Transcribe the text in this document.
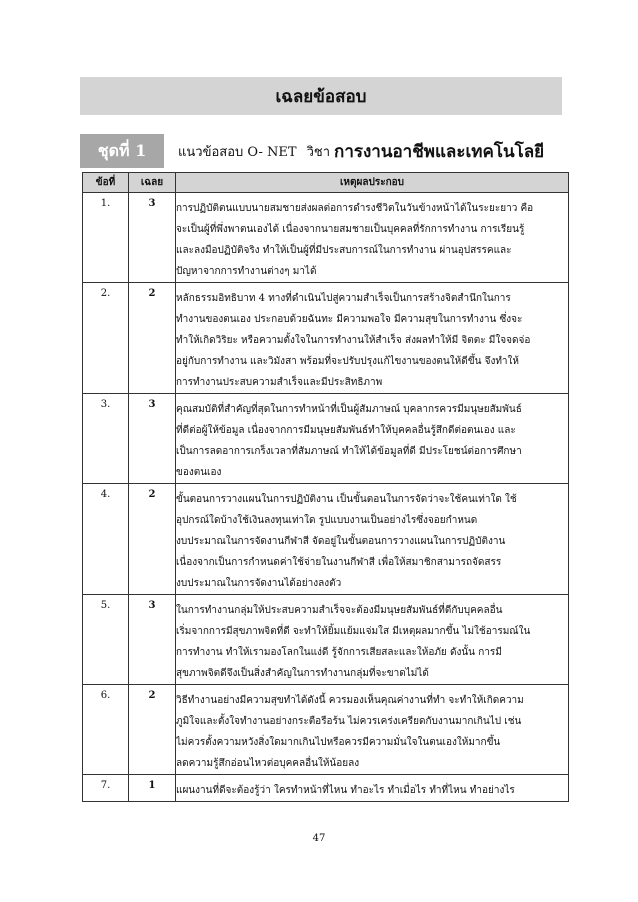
เฉลยข้อสอบ
ชุดที่ 1 แนวข้อสอบ O- NET วิชา การงานอาชีพและเทคโนโลยี
ข้อที่	เฉลย	เหตุผลประกอบ
1.	3	การปฏิบัติตนแบบนายสมชายส่งผลต่อการดำรงชีวิตในวันข้างหน้าได้ในระยะยาว คือ
จะเป็นผู้ที่พึ่งพาตนเองได้ เนื่องจากนายสมชายเป็นบุคคลที่รักการทำงาน การเรียนรู้
และลงมือปฏิบัติจริง ทำให้เป็นผู้ที่มีประสบการณ์ในการทำงาน ผ่านอุปสรรคและ
ปัญหาจากการทำงานต่างๆ มาได้

2.	2	หลักธรรมอิทธิบาท 4 ทางที่ดำเนินไปสู่ความสำเร็จเป็นการสร้างจิตสำนึกในการ
ทำงานของตนเอง ประกอบด้วยฉันทะ มีความพอใจ มีความสุขในการทำงาน ซึ่งจะ
ทำให้เกิดวิริยะ หรือความตั้งใจในการทำงานให้สำเร็จ ส่งผลทำให้มี จิตตะ มีใจจดจ่อ
อยู่กับการทำงาน และวิมังสา พร้อมที่จะปรับปรุงแก้ไขงานของตนให้ดีขึ้น จึงทำให้
การทำงานประสบความสำเร็จและมีประสิทธิภาพ

3.	3	คุณสมบัติที่สำคัญที่สุดในการทำหน้าที่เป็นผู้สัมภาษณ์ บุคลากรควรมีมนุษยสัมพันธ์
ที่ดีต่อผู้ให้ข้อมูล เนื่องจากการมีมนุษยสัมพันธ์ทำให้บุคคลอื่นรู้สึกดีต่อตนเอง และ
เป็นการลดอาการเกร็งเวลาที่สัมภาษณ์ ทำให้ได้ข้อมูลที่ดี มีประโยชน์ต่อการศึกษา
ของตนเอง

4.	2	ขั้นตอนการวางแผนในการปฏิบัติงาน เป็นขั้นตอนในการจัดว่าจะใช้คนเท่าใด ใช้
อุปกรณ์ใดบ้างใช้เงินลงทุนเท่าใด รูปแบบงานเป็นอย่างไรซึ่งจอยกำหนด
งบประมาณในการจัดงานกีฬาสี จัดอยู่ในขั้นตอนการวางแผนในการปฏิบัติงาน
เนื่องจากเป็นการกำหนดค่าใช้จ่ายในงานกีฬาสี เพื่อให้สมาชิกสามารถจัดสรร
งบประมาณในการจัดงานได้อย่างลงตัว

5.	3	ในการทำงานกลุ่มให้ประสบความสำเร็จจะต้องมีมนุษยสัมพันธ์ที่ดีกับบุคคลอื่น
เริ่มจากการมีสุขภาพจิตที่ดี จะทำให้ยิ้มแย้มแจ่มใส มีเหตุผลมากขึ้น ไม่ใช้อารมณ์ใน
การทำงาน ทำให้เรามองโลกในแง่ดี รู้จักการเสียสละและให้อภัย ดังนั้น การมี
สุขภาพจิตดีจึงเป็นสิ่งสำคัญในการทำงานกลุ่มที่จะขาดไม่ได้

6.	2	วิธีทำงานอย่างมีความสุขทำได้ดังนี้ ควรมองเห็นคุณค่างานที่ทำ จะทำให้เกิดความ
ภูมิใจและตั้งใจทำงานอย่างกระตือรือร้น ไม่ควรเคร่งเครียดกับงานมากเกินไป เช่น
ไม่ควรตั้งความหวังสิ่งใดมากเกินไปหรือควรมีความมั่นใจในตนเองให้มากขึ้น
ลดความรู้สึกอ่อนไหวต่อบุคคลอื่นให้น้อยลง

7.	1	แผนงานที่ดีจะต้องรู้ว่า ใครทำหน้าที่ไหน ทำอะไร ทำเมื่อไร ทำที่ไหน ทำอย่างไร
47
